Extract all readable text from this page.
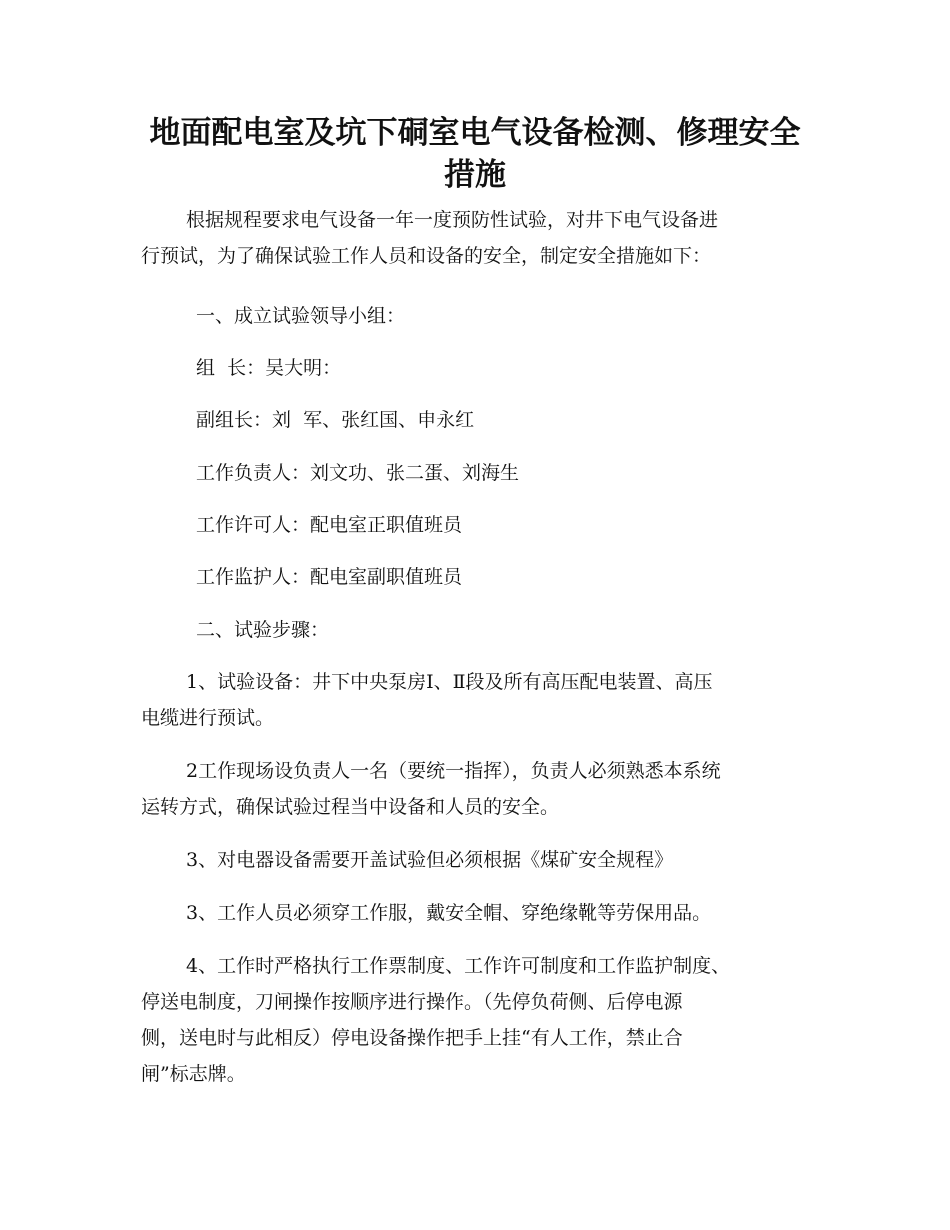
地面配电室及坑下硐室电气设备检测、修理安全
措施

根据规程要求电气设备一年一度预防性试验，对井下电气设备进
行预试，为了确保试验工作人员和设备的安全，制定安全措施如下：

一、成立试验领导小组：

组  长：吴大明：

副组长：刘  军、张红国、申永红

工作负责人：刘文功、张二蛋、刘海生

工作许可人：配电室正职值班员

工作监护人：配电室副职值班员

二、试验步骤：

1、试验设备：井下中央泵房Ⅰ、Ⅱ段及所有高压配电装置、高压
电缆进行预试。

2工作现场设负责人一名（要统一指挥），负责人必须熟悉本系统
运转方式，确保试验过程当中设备和人员的安全。

3、对电器设备需要开盖试验但必须根据《煤矿安全规程》

3、工作人员必须穿工作服，戴安全帽、穿绝缘靴等劳保用品。

4、工作时严格执行工作票制度、工作许可制度和工作监护制度、
停送电制度，刀闸操作按顺序进行操作。（先停负荷侧、后停电源
侧，送电时与此相反）停电设备操作把手上挂“有人工作，禁止合
闸”标志牌。
